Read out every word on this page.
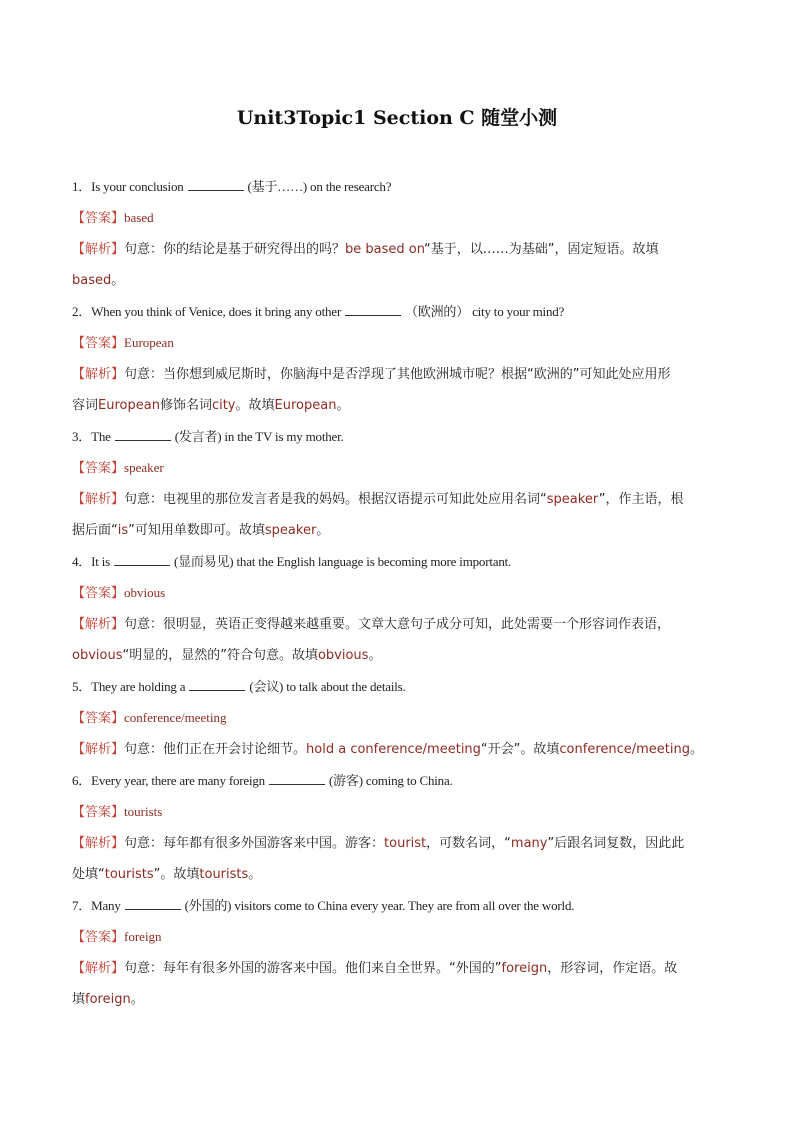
Unit3Topic1 Section C 随堂小测
1．Is your conclusion	(基于……) on the research?
【答案】based
【解析】句意：你的结论是基于研究得出的吗？be based on“基于，以……为基础”，固定短语。故填
based。
2．When you think of Venice, does it bring any other	（欧洲的） city to your mind?
【答案】European
【解析】句意：当你想到威尼斯时，你脑海中是否浮现了其他欧洲城市呢？根据“欧洲的”可知此处应用形
容词European修饰名词city。故填European。
3．The	(发言者) in the TV is my mother.
【答案】speaker
【解析】句意：电视里的那位发言者是我的妈妈。根据汉语提示可知此处应用名词“speaker”，作主语，根
据后面“is”可知用单数即可。故填speaker。
4．It is	(显而易见) that the English language is becoming more important.
【答案】obvious
【解析】句意：很明显，英语正变得越来越重要。文章大意句子成分可知，此处需要一个形容词作表语，
obvious“明显的，显然的”符合句意。故填obvious。
5．They are holding a	(会议) to talk about the details.
【答案】conference/meeting
【解析】句意：他们正在开会讨论细节。hold a conference/meeting“开会”。故填conference/meeting。
6．Every year, there are many foreign	(游客) coming to China.
【答案】tourists
【解析】句意：每年都有很多外国游客来中国。游客：tourist，可数名词，“many”后跟名词复数，因此此
处填“tourists”。故填tourists。
7．Many	(外国的) visitors come to China every year. They are from all over the world.
【答案】foreign
【解析】句意：每年有很多外国的游客来中国。他们来自全世界。“外国的”foreign，形容词，作定语。故
填foreign。
